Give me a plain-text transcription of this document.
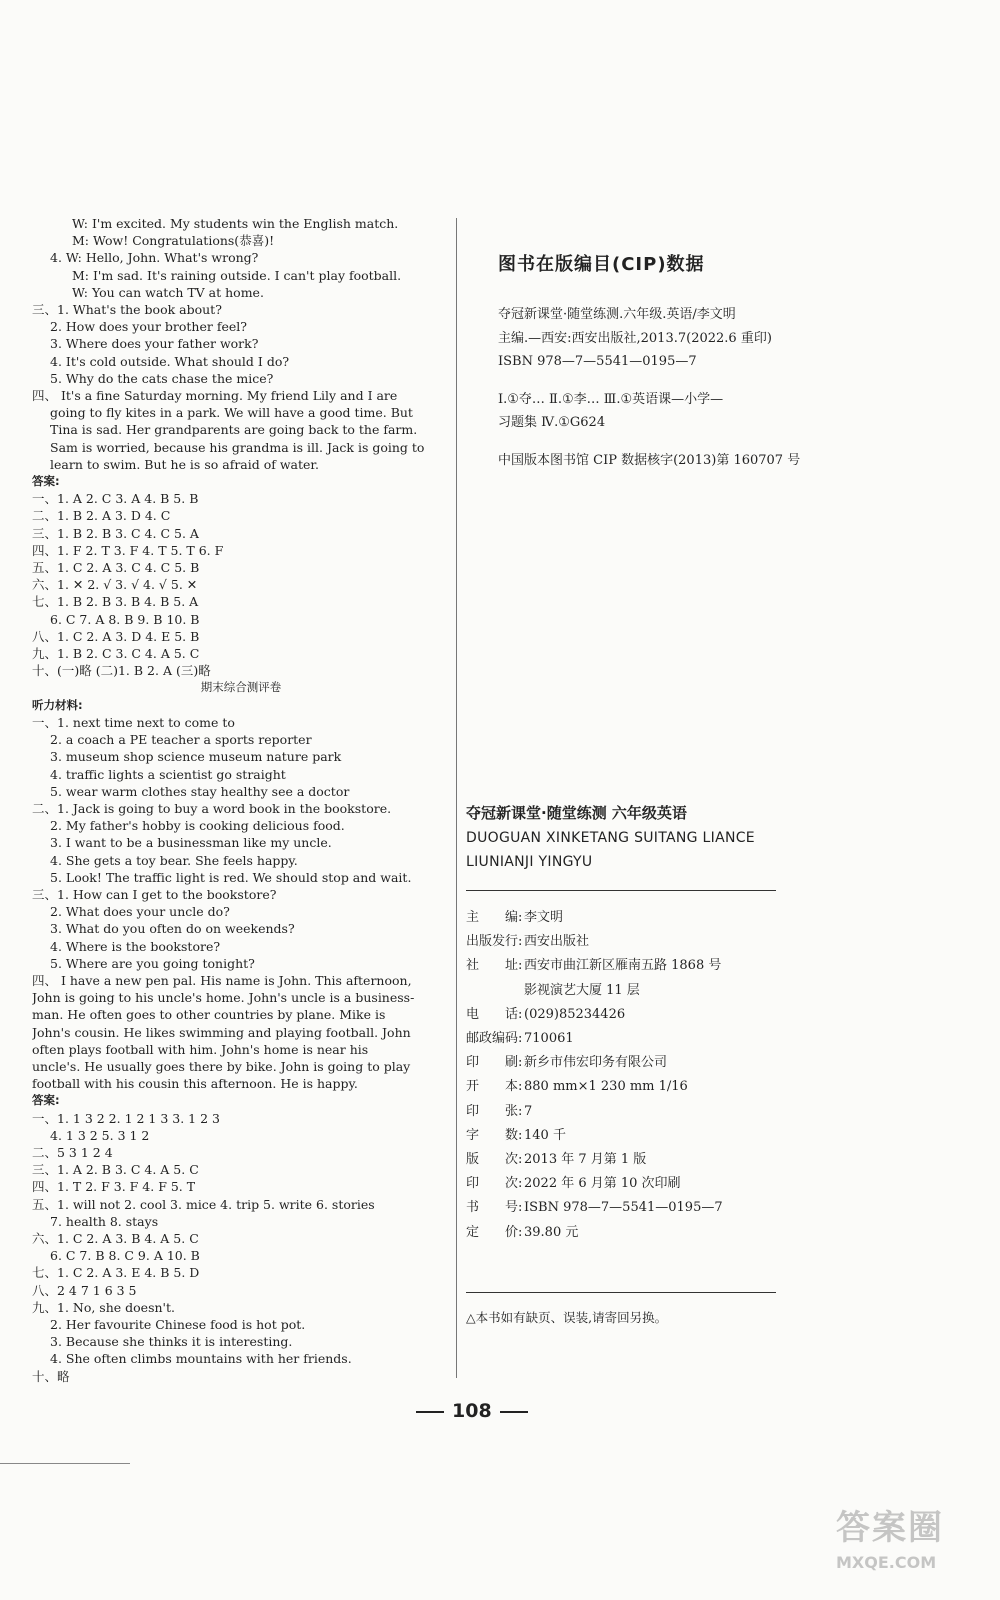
W: I'm excited. My students win the English match.
M: Wow! Congratulations(恭喜)!
4. W: Hello, John. What's wrong?
M: I'm sad. It's raining outside. I can't play football.
W: You can watch TV at home.
三、1. What's the book about?
2. How does your brother feel?
3. Where does your father work?
4. It's cold outside. What should I do?
5. Why do the cats chase the mice?
四、 It's a fine Saturday morning. My friend Lily and I are
going to fly kites in a park. We will have a good time. But
Tina is sad. Her grandparents are going back to the farm.
Sam is worried, because his grandma is ill. Jack is going to
learn to swim. But he is so afraid of water.
答案:
一、1. A 2. C 3. A 4. B 5. B
二、1. B 2. A 3. D 4. C
三、1. B 2. B 3. C 4. C 5. A
四、1. F 2. T 3. F 4. T 5. T 6. F
五、1. C 2. A 3. C 4. C 5. B
六、1. ✕ 2. √ 3. √ 4. √ 5. ✕
七、1. B 2. B 3. B 4. B 5. A
6. C 7. A 8. B 9. B 10. B
八、1. C 2. A 3. D 4. E 5. B
九、1. B 2. C 3. C 4. A 5. C
十、(一)略 (二)1. B 2. A (三)略
期末综合测评卷
听力材料:
一、1. next time next to come to
2. a coach a PE teacher a sports reporter
3. museum shop science museum nature park
4. traffic lights a scientist go straight
5. wear warm clothes stay healthy see a doctor
二、1. Jack is going to buy a word book in the bookstore.
2. My father's hobby is cooking delicious food.
3. I want to be a businessman like my uncle.
4. She gets a toy bear. She feels happy.
5. Look! The traffic light is red. We should stop and wait.
三、1. How can I get to the bookstore?
2. What does your uncle do?
3. What do you often do on weekends?
4. Where is the bookstore?
5. Where are you going tonight?
四、 I have a new pen pal. His name is John. This afternoon,
John is going to his uncle's home. John's uncle is a business-
man. He often goes to other countries by plane. Mike is
John's cousin. He likes swimming and playing football. John
often plays football with him. John's home is near his
uncle's. He usually goes there by bike. John is going to play
football with his cousin this afternoon. He is happy.
答案:
一、1. 1 3 2 2. 1 2 1 3 3. 1 2 3
4. 1 3 2 5. 3 1 2
二、5 3 1 2 4
三、1. A 2. B 3. C 4. A 5. C
四、1. T 2. F 3. F 4. F 5. T
五、1. will not 2. cool 3. mice 4. trip 5. write 6. stories
7. health 8. stays
六、1. C 2. A 3. B 4. A 5. C
6. C 7. B 8. C 9. A 10. B
七、1. C 2. A 3. E 4. B 5. D
八、2 4 7 1 6 3 5
九、1. No, she doesn't.
2. Her favourite Chinese food is hot pot.
3. Because she thinks it is interesting.
4. She often climbs mountains with her friends.
十、略
图书在版编目(CIP)数据
夺冠新课堂·随堂练测.六年级.英语/李文明
主编.—西安:西安出版社,2013.7(2022.6 重印)
ISBN 978—7—5541—0195—7
Ⅰ.①夺… Ⅱ.①李… Ⅲ.①英语课—小学—
习题集 Ⅳ.①G624
中国版本图书馆 CIP 数据核字(2013)第 160707 号
夺冠新课堂·随堂练测 六年级英语
DUOGUAN XINKETANG SUITANG LIANCE
LIUNIANJI YINGYU
主　　编: 李文明
出版发行: 西安出版社
社　　址: 西安市曲江新区雁南五路 1868 号
影视演艺大厦 11 层
电　　话: (029)85234426
邮政编码: 710061
印　　刷: 新乡市伟宏印务有限公司
开　　本: 880 mm×1 230 mm 1/16
印　　张: 7
字　　数: 140 千
版　　次: 2013 年 7 月第 1 版
印　　次: 2022 年 6 月第 10 次印刷
书　　号: ISBN 978—7—5541—0195—7
定　　价: 39.80 元
△本书如有缺页、误装,请寄回另换。
108
答案圈
MXQE.COM
